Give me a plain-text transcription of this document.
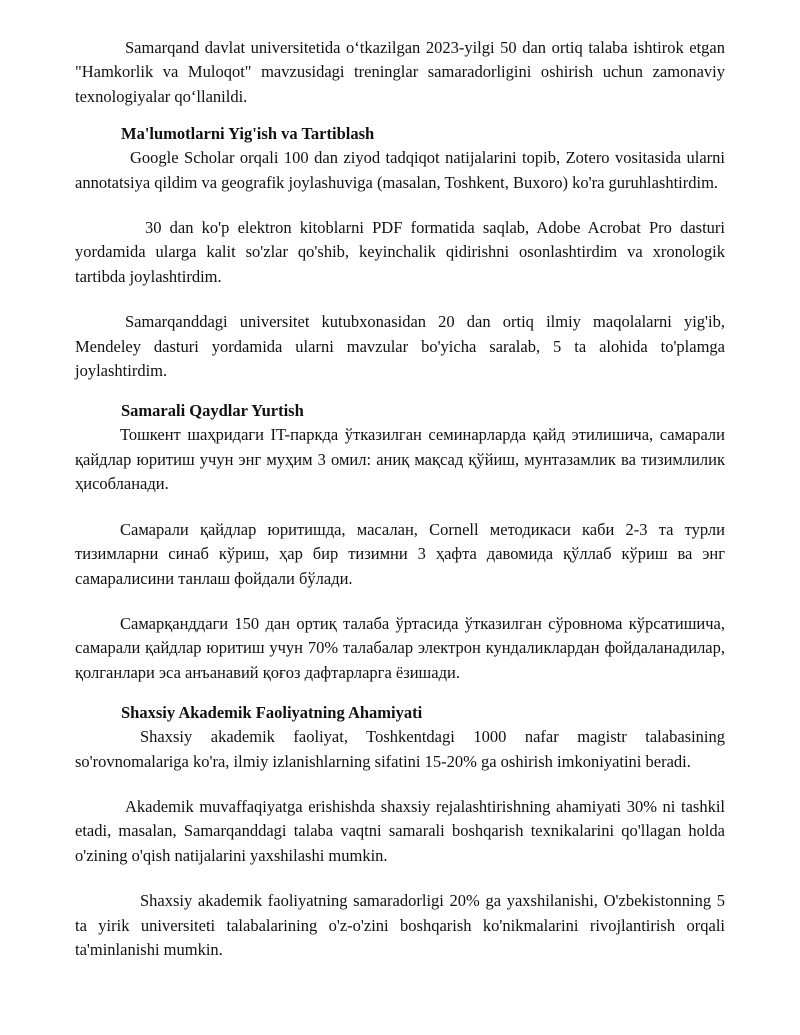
Samarqand davlat universitetida o‘tkazilgan 2023-yilgi 50 dan ortiq talaba ishtirok etgan "Hamkorlik va Muloqot" mavzusidagi treninglar samaradorligini oshirish uchun zamonaviy texnologiyalar qo‘llanildi.

Ma'lumotlarni Yig'ish va Tartiblash

Google Scholar orqali 100 dan ziyod tadqiqot natijalarini topib, Zotero vositasida ularni annotatsiya qildim va geografik joylashuviga (masalan, Toshkent, Buxoro) ko'ra guruhlashtirdim.

30 dan ko'p elektron kitoblarni PDF formatida saqlab, Adobe Acrobat Pro dasturi yordamida ularga kalit so'zlar qo'shib, keyinchalik qidirishni osonlashtirdim va xronologik tartibda joylashtirdim.

Samarqanddagi universitet kutubxonasidan 20 dan ortiq ilmiy maqolalarni yig'ib, Mendeley dasturi yordamida ularni mavzular bo'yicha saralab, 5 ta alohida to'plamga joylashtirdim.

Samarali Qaydlar Yurtish

Тошкент шаҳридаги IT-паркда ўтказилган семинарларда қайд этилишича, самарали қайдлар юритиш учун энг муҳим 3 омил: аниқ мақсад қўйиш, мунтазамлик ва тизимлилик ҳисобланади.

Самарали қайдлар юритишда, масалан, Cornell методикаси каби 2-3 та турли тизимларни синаб кўриш, ҳар бир тизимни 3 ҳафта давомида қўллаб кўриш ва энг самаралисини танлаш фойдали бўлади.

Самарқанддаги 150 дан ортиқ талаба ўртасида ўтказилган сўровнома кўрсатишича, самарали қайдлар юритиш учун 70% талабалар электрон кундаликлардан фойдаланадилар, қолганлари эса анъанавий қоғоз дафтарларга ёзишади.

Shaxsiy Akademik Faoliyatning Ahamiyati

Shaxsiy akademik faoliyat, Toshkentdagi 1000 nafar magistr talabasining so'rovnomalariga ko'ra, ilmiy izlanishlarning sifatini 15-20% ga oshirish imkoniyatini beradi.

Akademik muvaffaqiyatga erishishda shaxsiy rejalashtirishning ahamiyati 30% ni tashkil etadi, masalan, Samarqanddagi talaba vaqtni samarali boshqarish texnikalarini qo'llagan holda o'zining o'qish natijalarini yaxshilashi mumkin.

Shaxsiy akademik faoliyatning samaradorligi 20% ga yaxshilanishi, O'zbekistonning 5 ta yirik universiteti talabalarining o'z-o'zini boshqarish ko'nikmalarini rivojlantirish orqali ta'minlanishi mumkin.
